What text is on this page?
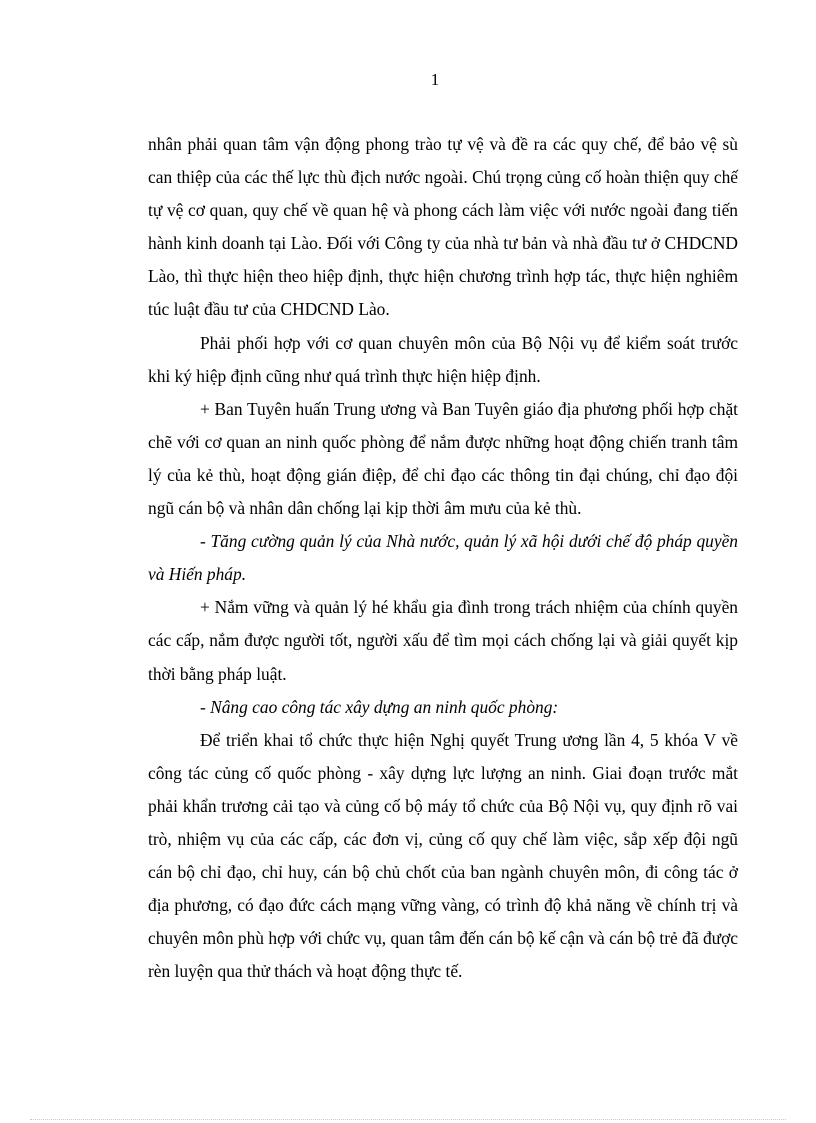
1

nhân phải quan tâm vận động phong trào tự vệ và đề ra các quy chế, để bảo vệ sù can thiệp của các thế lực thù địch nước ngoài. Chú trọng củng cố hoàn thiện quy chế tự vệ cơ quan, quy chế về quan hệ và phong cách làm việc với nước ngoài đang tiến hành kinh doanh tại Lào. Đối với Công ty của nhà tư bản và nhà đầu tư ở CHDCND Lào, thì thực hiện theo hiệp định, thực hiện chương trình hợp tác, thực hiện nghiêm túc luật đầu tư của CHDCND Lào.

Phải phối hợp với cơ quan chuyên môn của Bộ Nội vụ để kiểm soát trước khi ký hiệp định cũng như quá trình thực hiện hiệp định.

+ Ban Tuyên huấn Trung ương và Ban Tuyên giáo địa phương phối hợp chặt chẽ với cơ quan an ninh quốc phòng để nắm được những hoạt động chiến tranh tâm lý của kẻ thù, hoạt động gián điệp, để chỉ đạo các thông tin đại chúng, chỉ đạo đội ngũ cán bộ và nhân dân chống lại kịp thời âm mưu của kẻ thù.

- Tăng cường quản lý của Nhà nước, quản lý xã hội dưới chế độ pháp quyền và Hiến pháp.

+ Nắm vững và quản lý hé khẩu gia đình trong trách nhiệm của chính quyền các cấp, nắm được người tốt, người xấu để tìm mọi cách chống lại và giải quyết kịp thời bằng pháp luật.

- Nâng cao công tác xây dựng an ninh quốc phòng:

Để triển khai tổ chức thực hiện Nghị quyết Trung ương lần 4, 5 khóa V về công tác củng cố quốc phòng - xây dựng lực lượng an ninh. Giai đoạn trước mắt phải khẩn trương cải tạo và củng cố bộ máy tổ chức của Bộ Nội vụ, quy định rõ vai trò, nhiệm vụ của các cấp, các đơn vị, củng cố quy chế làm việc, sắp xếp đội ngũ cán bộ chỉ đạo, chỉ huy, cán bộ chủ chốt của ban ngành chuyên môn, đi công tác ở địa phương, có đạo đức cách mạng vững vàng, có trình độ khả năng về chính trị và chuyên môn phù hợp với chức vụ, quan tâm đến cán bộ kế cận và cán bộ trẻ đã được rèn luyện qua thử thách và hoạt động thực tế.
